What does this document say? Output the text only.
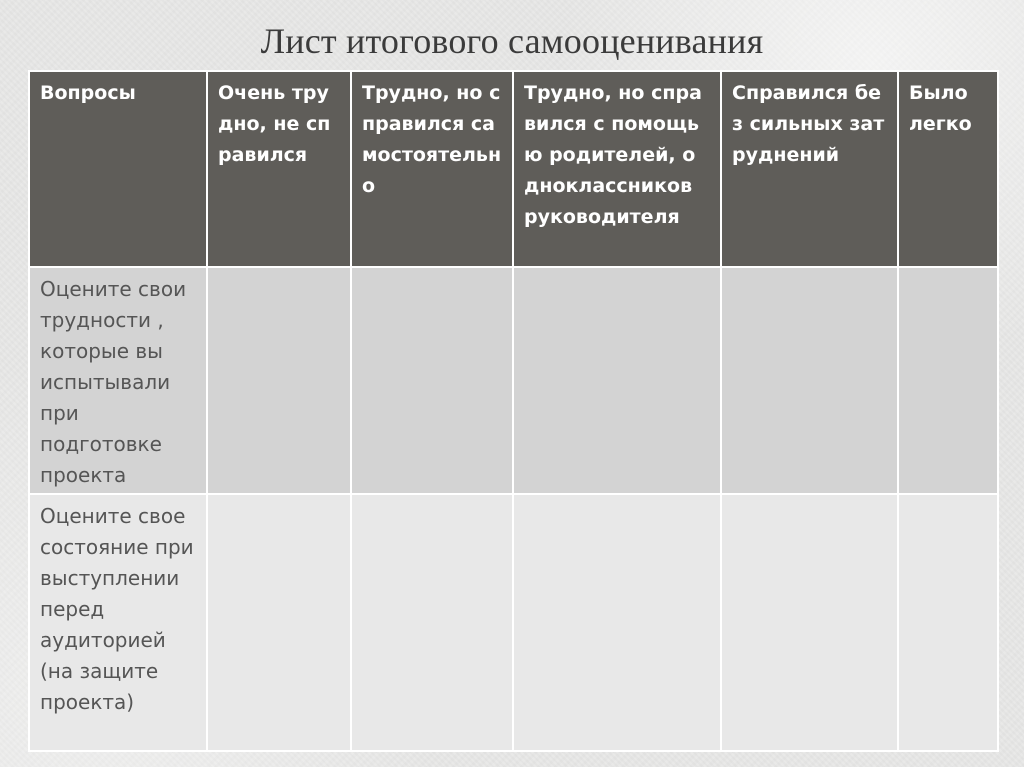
Лист итогового самооценивания
Вопросы	Очень трудно, не справился	Трудно, но справился самостоятельно	Трудно, но справился с помощью родителей, одноклассников руководителя	Справился без сильных затруднений	Было легко
Оцените свои трудности , которые вы испытывали при подготовке проекта					
Оцените свое состояние при выступлении перед аудиторией (на защите проекта)					
